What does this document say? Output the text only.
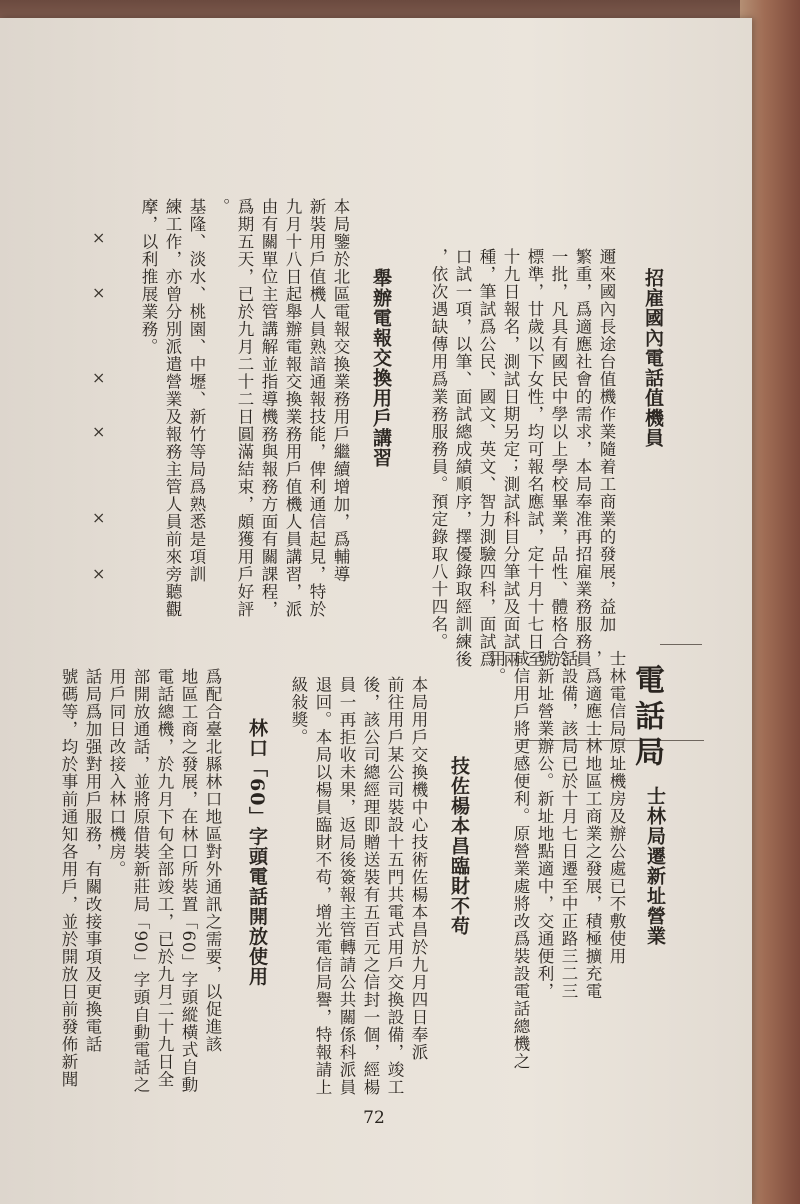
招雇國內電話值機員
邇來國內長途台值機作業隨着工商業的發展，益加
繁重，爲適應社會的需求，本局奉准再招雇業務服務員
一批，凡具有國民中學以上學校畢業，品性、體格合於
標準，廿歲以下女性，均可報名應試，定十月十七日至
十九日報名，測試日期另定；測試科目分筆試及面試兩
種，筆試爲公民、國文、英文、智力測驗四科，面試爲
口試一項，以筆、面試總成績順序，擇優錄取經訓練後
，依次遇缺傳用爲業務服務員。預定錄取八十四名。
舉辦電報交換用戶講習
本局鑒於北區電報交換業務用戶繼續增加，爲輔導
新裝用戶值機人員熟諳通報技能，俾利通信起見，特於
九月十八日起舉辦電報交換業務用戶值機人員講習，派
由有關單位主管講解並指導機務與報務方面有關課程，
爲期五天，已於九月二十二日圓滿結束，頗獲用戶好評
。
基隆、淡水、桃園、中壢、新竹等局爲熟悉是項訓
練工作，亦曾分別派遣營業及報務主管人員前來旁聽觀
摩，以利推展業務。
×
×
×
×
×
×
電話局
士林局遷新址營業
士林電信局原址機房及辦公處已不敷使用
，爲適應士林地區工商業之發展，積極擴充電
話設備，該局已於十月七日遷至中正路三二三
號新址營業辦公。新址地點適中，交通便利，
咸信用戶將更感便利。原營業處將改爲裝設電話總機之
用。
技佐楊本昌臨財不苟
本局用戶交換機中心技術佐楊本昌於九月四日奉派
前往用戶某公司裝設十五門共電式用戶交換設備，竣工
後，該公司總經理即贈送裝有五百元之信封一個，經楊
員一再拒收未果，返局後簽報主管轉請公共關係科派員
退回。本局以楊員臨財不苟，增光電信局譽，特報請上
級敍獎。
林口「60」字頭電話開放使用
爲配合臺北縣林口地區對外通訊之需要，以促進該
地區工商之發展，在林口所裝置「60」字頭縱橫式自動
電話總機，於九月下旬全部竣工，已於九月二十九日全
部開放通話，並將原借裝新莊局「90」字頭自動電話之
用戶同日改接入林口機房。
話局爲加强對用戶服務，有關改接事項及更換電話
號碼等，均於事前通知各用戶，並於開放日前發佈新聞
72
